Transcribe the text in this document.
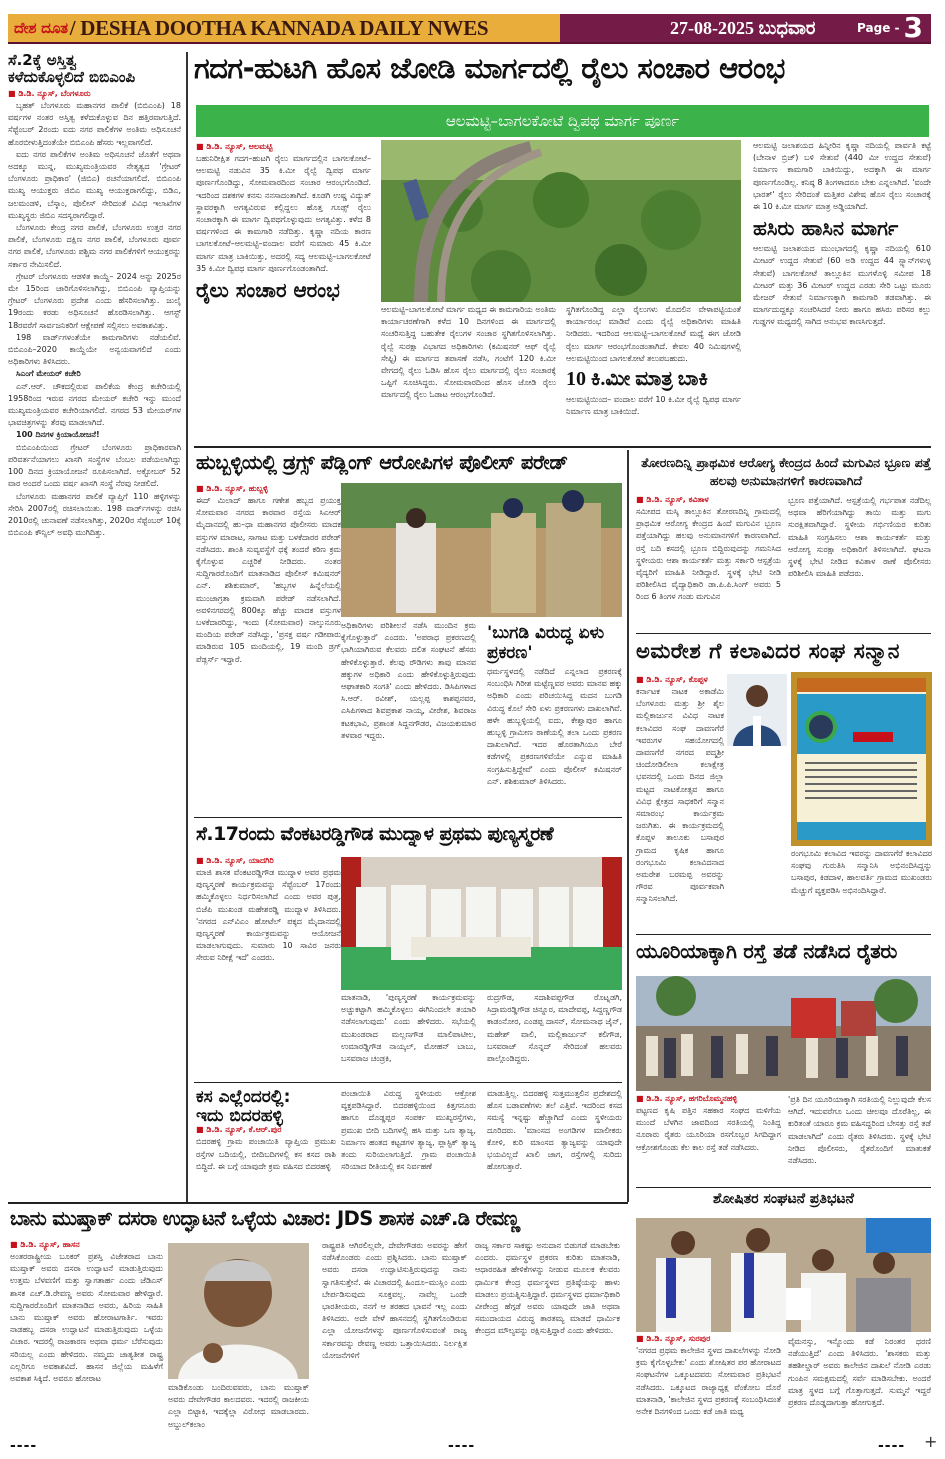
ದೇಶ ದೂತ / DESHA DOOTHA KANNADA DAILY NWES	27-08-2025 ಬುಧವಾರ	Page - 3
ಸೆ.2ಕ್ಕೆ ಅಸ್ತಿತ್ವ
ಕಳೆದುಕೊಳ್ಳಲಿದೆ ಬಿಬಿಎಂಪಿ
■ ಡಿ.ಡಿ. ನ್ಯೂಸ್, ಬೆಂಗಳೂರು

ಬೃಹತ್ ಬೆಂಗಳೂರು ಮಹಾನಗರ ಪಾಲಿಕೆ (ಬಿಬಿಎಂಪಿ) 18 ವರ್ಷಗಳ ನಂತರ ಅಸ್ತಿತ್ವ ಕಳೆದುಕೊಳ್ಳುವ ದಿನ ಹತ್ತಿರವಾಗುತ್ತಿದೆ. ಸೆಪ್ಟೆಂಬರ್ 2ರಂದು ಐದು ನಗರ ಪಾಲಿಕೆಗಳ ಅಂತಿಮ ಅಧಿಸೂಚನೆ ಹೊರಬೀಳುತ್ತಿದಂತೆಯೇ ಬಿಬಿಎಂಪಿ ಹೆಸರು ಇಲ್ಲವಾಗಲಿದೆ.

ಐದು ನಗರ ಪಾಲಿಕೆಗಳ ಅಂತಿಮ ಅಧಿಸೂಚನೆ ಜೊತೆಗೆ ಅಥವಾ ಅದಕ್ಕೂ ಮುನ್ನ, ಮುಖ್ಯಮಂತ್ರಿಯವರ ನೇತೃತ್ವದ 'ಗ್ರೇಟರ್ ಬೆಂಗಳೂರು ಪ್ರಾಧಿಕಾರ' (ಜಿಬಿಎ) ರಚನೆಯಾಗಲಿದೆ. ಬಿಬಿಎಂಪಿ ಮುಖ್ಯ ಆಯುಕ್ತರು ಜಿಬಿಎ ಮುಖ್ಯ ಆಯುಕ್ತರಾಗಲಿದ್ದು, ಬಿಡಿಎ, ಜಲಮಂಡಳಿ, ಬೆಸ್ಕಾಂ, ಪೊಲೀಸ್ ಸೇರಿದಂತೆ ವಿವಿಧ ಇಲಾಖೆಗಳ ಮುಖ್ಯಸ್ಥರು ಜಿಬಿಎ ಸದಸ್ಯರಾಗಲಿದ್ದಾರೆ.

ಬೆಂಗಳೂರು ಕೇಂದ್ರ ನಗರ ಪಾಲಿಕೆ, ಬೆಂಗಳೂರು ಉತ್ತರ ನಗರ ಪಾಲಿಕೆ, ಬೆಂಗಳೂರು ದಕ್ಷಿಣ ನಗರ ಪಾಲಿಕೆ, ಬೆಂಗಳೂರು ಪೂರ್ವ ನಗರ ಪಾಲಿಕೆ, ಬೆಂಗಳೂರು ಪಶ್ಚಿಮ ನಗರ ಪಾಲಿಕೆಗಳಿಗೆ ಆಯುಕ್ತರನ್ನು ಸರ್ಕಾರ ನೇಮಿಸಲಿದೆ.

ಗ್ರೇಟರ್ ಬೆಂಗಳೂರು ಆಡಳಿತ ಕಾಯ್ದೆ– 2024 ಅನ್ನು 2025ರ ಮೇ 15ರಿಂದ ಜಾರಿಗೊಳಿಸಲಾಗಿದ್ದು, ಬಿಬಿಎಂಪಿ ವ್ಯಾಪ್ತಿಯನ್ನು ಗ್ರೇಟರ್ ಬೆಂಗಳೂರು ಪ್ರದೇಶ ಎಂದು ಹೆಸರಿಸಲಾಗಿತ್ತು. ಜುಲೈ 19ರಂದು ಕರಡು ಅಧಿಸೂಚನೆ ಹೊರಡಿಸಲಾಗಿತ್ತು. ಆಗಸ್ಟ್ 18ರವರೆಗೆ ಸಾರ್ವಜನಿಕರಿಗೆ ಆಕ್ಷೇಪಣೆ ಸಲ್ಲಿಸಲು ಅವಕಾಶವಿತ್ತು.

198 ವಾರ್ಡ್‌ಗಳಂತೆಯೇ ಕಾಮಗಾರಿಗಳು ನಡೆಯಲಿವೆ. ಬಿಬಿಎಂಪಿ–2020 ಕಾಯ್ದೆಯೇ ಅನ್ವಯವಾಗಲಿದೆ ಎಂದು ಅಧಿಕಾರಿಗಳು ತಿಳಿಸಿದರು.

ಸಿಎಂಗೆ ಮೇಯರ್ ಕಚೇರಿ

ಎನ್.ಆರ್. ಚೌಕದಲ್ಲಿರುವ ಪಾಲಿಕೆಯ ಕೇಂದ್ರ ಕಚೇರಿಯಲ್ಲಿ 1958ರಿಂದ ಇರುವ ನಗರದ ಮೇಯರ್ ಕಚೇರಿ ಇನ್ನು ಮುಂದೆ ಮುಖ್ಯಮಂತ್ರಿಯವರ ಕಚೇರಿಯಾಗಲಿದೆ. ನಗರದ 53 ಮೇಯರ್‌ಗಳ ಭಾವಚಿತ್ರಗಳನ್ನು ತೆರವು ಮಾಡಲಾಗಿದೆ.

100 ದಿನಗಳ ಕ್ರಿಯಾಯೋಜನೆ!

ಬಿಬಿಎಂಪಿಯಿಂದ ಗ್ರೇಟರ್ ಬೆಂಗಳೂರು ಪ್ರಾಧಿಕಾರವಾಗಿ ಪರಿವರ್ತನೆಯಾಗಲು ಖಾಸಗಿ ಸಂಸ್ಥೆಗಳ ಬೆಂಬಲ ಪಡೆಯಲಾಗಿದ್ದು 100 ದಿನದ ಕ್ರಿಯಾಯೋಜನೆ ರೂಪಿಸಲಾಗಿದೆ. ಅಕ್ಟೋಬರ್ 52 ವಾರ ಅಂದರೆ ಒಂದು ವರ್ಷ ಖಾಸಗಿ ಸಂಸ್ಥೆ ನೆರವು ನೀಡಲಿದೆ.

ಬೆಂಗಳೂರು ಮಹಾನಗರ ಪಾಲಿಕೆ ವ್ಯಾಪ್ತಿಗೆ 110 ಹಳ್ಳಿಗಳನ್ನು ಸೇರಿಸಿ 2007ರಲ್ಲಿ ರಚಿಸಲಾಯಿತು. 198 ವಾರ್ಡ್‌ಗಳನ್ನು ರಚಿಸಿ 2010ರಲ್ಲಿ ಚುನಾವಣೆ ನಡೆಸಲಾಗಿತ್ತು, 2020ರ ಸೆಪ್ಟೆಂಬರ್ 10ಕ್ಕೆ ಬಿಬಿಎಂಪಿ ಕೌನ್ಸಿಲ್ ಅವಧಿ ಮುಗಿದಿತ್ತು.

ಗದಗ-ಹುಟಗಿ ಹೊಸ ಜೋಡಿ ಮಾರ್ಗದಲ್ಲಿ ರೈಲು ಸಂಚಾರ ಆರಂಭ
ಆಲಮಟ್ಟಿ–ಬಾಗಲಕೋಟೆ ದ್ವಿಪಥ ಮಾರ್ಗ ಪೂರ್ಣ
■ ಡಿ.ಡಿ. ನ್ಯೂಸ್, ಆಲಮಟ್ಟಿ
ಬಹುನಿರೀಕ್ಷಿತ ಗದಗ–ಹುಟಗಿ ರೈಲು ಮಾರ್ಗದಲ್ಲಿನ ಬಾಗಲಕೋಟೆ– ಆಲಮಟ್ಟಿ ನಡುವಿನ 35 ಕಿ.ಮೀ ರೈಲ್ವೆ ದ್ವಿಪಥ ಮಾರ್ಗ ಪೂರ್ಣಗೊಂಡಿದ್ದು, ಸೋಮವಾರದಿಂದ ಸಂಚಾರ ಆರಂಭಗೊಂಡಿದೆ. ಇದರಿಂದ ದಶಕಗಳ ಕನಸು ನನಸಾದಂತಾಗಿದೆ. ಕೂಡಗಿ ಉಷ್ಣ ವಿದ್ಯುತ್ ಸ್ಥಾವರಕ್ಕಾಗಿ ಅಗತ್ಯವಿರುವ ಕಲ್ಲಿದ್ದಲು ಹೊತ್ತ ಗೂಡ್ಸ್ ರೈಲು ಸಂಚಾರಕ್ಕಾಗಿ ಈ ಮಾರ್ಗ ದ್ವಿಪಥಗೊಳ್ಳುವುದು ಅಗತ್ಯವಿತ್ತು. ಕಳೆದ 8 ವರ್ಷಗಳಿಂದ ಈ ಕಾಮಗಾರಿ ನಡೆದಿತ್ತು. ಕೃಷ್ಣಾ ನದಿಯ ಕಾರಣ ಬಾಗಲಕೋಟೆ–ಆಲಮಟ್ಟಿ–ವಂದಾಲ ವರೆಗೆ ಸುಮಾರು 45 ಕಿ.ಮೀ ಮಾರ್ಗ ಮಾತ್ರ ಬಾಕಿಯಿತ್ತು, ಅದರಲ್ಲಿ ಸದ್ಯ ಆಲಮಟ್ಟಿ–ಬಾಗಲಕೋಟೆ 35 ಕಿ.ಮೀ ದ್ವಿಪಥ ಮಾರ್ಗ ಪೂರ್ಣಗೊಂಡಂತಾಗಿದೆ.
ರೈಲು ಸಂಚಾರ ಆರಂಭ
ಆಲಮಟ್ಟಿ–ಬಾಗಲಕೋಟೆ ಮಾರ್ಗ ಮಧ್ಯದ ಈ ಕಾಮಗಾರಿಯ ಅಂತಿಮ ಕಾರ್ಯಾಚರಣೆಗಾಗಿ ಕಳೆದ 10 ದಿನಗಳಿಂದ ಈ ಮಾರ್ಗದಲ್ಲಿ ಸಂಚರಿಸುತ್ತಿದ್ದ ಬಹುತೇಕ ರೈಲುಗಳ ಸಂಚಾರ ಸ್ಥಗಿತಗೊಳಿಸಲಾಗಿತ್ತು. ರೈಲ್ವೆ ಸುರಕ್ಷಾ ವಿಭಾಗದ ಅಧಿಕಾರಿಗಳು (ಕಮಿಷನರ್ ಆಫ್ ರೈಲ್ವೆ ಸೇಫ್ಟಿ) ಈ ಮಾರ್ಗದ ತಪಾಸಣೆ ನಡೆಸಿ, ಗಂಟೆಗೆ 120 ಕಿ.ಮೀ ವೇಗದಲ್ಲಿ ರೈಲು ಓಡಿಸಿ ಹೊಸ ರೈಲು ಮಾರ್ಗದಲ್ಲಿ ರೈಲು ಸಂಚಾರಕ್ಕೆ ಒಪ್ಪಿಗೆ ಸೂಚಿಸಿದ್ದರು. ಸೋಮವಾರದಿಂದ ಹೊಸ ಜೋಡಿ ರೈಲು ಮಾರ್ಗದಲ್ಲಿ ರೈಲು ಓಡಾಟ ಆರಂಭಗೊಂಡಿದೆ.
ಸ್ಥಗಿತಗೊಂಡಿದ್ದ ಎಲ್ಲಾ ರೈಲುಗಳು ಮೊದಲಿನ ವೇಳಾಪಟ್ಟಿಯಂತೆ ಕಾರ್ಯಾರಂಭ ಮಾಡಿವೆ ಎಂದು ರೈಲ್ವೆ ಅಧಿಕಾರಿಗಳು ಮಾಹಿತಿ ನೀಡಿದರು. ಇದರಿಂದ ಆಲಮಟ್ಟಿ–ಬಾಗಲಕೋಟೆ ಮಧ್ಯೆ ಈಗ ಜೋಡಿ ರೈಲು ಮಾರ್ಗ ಆರಂಭಗೊಂಡಂತಾಗಿದೆ. ಕೇವಲ 40 ನಿಮಿಷಗಳಲ್ಲಿ ಆಲಮಟ್ಟಿಯಿಂದ ಬಾಗಲಕೋಟೆ ತಲುಪಬಹುದು.
10 ಕಿ.ಮೀ ಮಾತ್ರ ಬಾಕಿ
ಆಲಮಟ್ಟಿಯಿಂದ– ವಂದಾಲ ವರೆಗೆ 10 ಕಿ.ಮೀ ರೈಲ್ವೆ ದ್ವಿಪಥ ಮಾರ್ಗ ನಿರ್ಮಾಣ ಮಾತ್ರ ಬಾಕಿಯಿದೆ.
ಆಲಮಟ್ಟಿ ಜಲಾಶಯದ ಹಿನ್ನೀರಿನ ಕೃಷ್ಣಾ ನದಿಯಲ್ಲಿ ಪಾರ್ವತಿ ಕಟ್ಟೆ (ಬೇನಾಳ ಬ್ರಿಜ್) ಬಳಿ ಸೇತುವೆ (440 ಮೀ ಉದ್ದದ ಸೇತುವೆ) ನಿರ್ಮಾಣ ಕಾಮಗಾರಿ ಬಾಕಿಯಿದ್ದು, ಅದಕ್ಕಾಗಿ ಈ ಮಾರ್ಗ ಪೂರ್ಣಗೊಂಡಿಲ್ಲ. ಕನಿಷ್ಠ 8 ತಿಂಗಳಾದರೂ ಬೇಕು ಎನ್ನಲಾಗಿದೆ. 'ವಂದೇ ಭಾರತ್' ರೈಲು ಸೇರಿದಂತೆ ಮತ್ತಿತರ ವಿಶೇಷ ಹೊಸ ರೈಲು ಸಂಚಾರಕ್ಕೆ ಈ 10 ಕಿ.ಮೀ ಮಾರ್ಗ ಮಾತ್ರ ಅಡ್ಡಿಯಾಗಿದೆ.
ಹಸಿರು ಹಾಸಿನ ಮಾರ್ಗ
ಆಲಮಟ್ಟಿ ಜಲಾಶಯದ ಮುಂಭಾಗದಲ್ಲಿ ಕೃಷ್ಣಾ ನದಿಯಲ್ಲಿ 610 ಮೀಟರ್ ಉದ್ದದ ಸೇತುವೆ (60 ಅಡಿ ಉದ್ದದ 44 ಸ್ಪ್ಯಾನ್‌ಗಳುಳ್ಳ ಸೇತುವೆ) ಬಾಗಲಕೋಟೆ ತಾಲ್ಲೂಕಿನ ಮುಗಳೊಳ್ಳಿ ಸಮೀಪ 18 ಮೀಟರ್ ಮತ್ತು 36 ಮೀಟರ್ ಉದ್ದದ ಎರಡು ಸೇರಿ ಒಟ್ಟು ಮೂರು ಮೇಜರ್ ಸೇತುವೆ ನಿರ್ಮಾಣಕ್ಕಾಗಿ ಕಾಮಗಾರಿ ತಡವಾಗಿತ್ತು. ಈ ಮಾರ್ಗದುದ್ದಕ್ಕೂ ಸಂಚರಿಸಿದರೆ ನೀರು ಹಾಗೂ ಹಸಿರು ಪರಿಸರ ಕಲ್ಲು ಗುಡ್ಡಗಳ ಮಧ್ಯದಲ್ಲಿ ಸಾಗಿದ ಅನುಭವ ಕಾಣಸಿಗುತ್ತದೆ.
ಹುಬ್ಬಳ್ಳಿಯಲ್ಲಿ ಡ್ರಗ್ಸ್ ಪೆಡ್ಲಿಂಗ್ ಆರೋಪಿಗಳ ಪೊಲೀಸ್ ಪರೇಡ್
■ ಡಿ.ಡಿ. ನ್ಯೂಸ್, ಹುಬ್ಬಳ್ಳಿ
ಈದ್ ಮಿಲಾದ್ ಹಾಗೂ ಗಣೇಶ ಹಬ್ಬದ ಪ್ರಯುಕ್ತ ಸೋಮವಾರ ನಗರದ ಕಾರವಾರ ರಸ್ತೆಯ ಸಿಎಆರ್ ಮೈದಾನದಲ್ಲಿ ಹು–ಧಾ ಮಹಾನಗರ ಪೊಲೀಸರು ಮಾದಕ ವಸ್ತುಗಳ ಮಾರಾಟ, ಸಾಗಾಟ ಮತ್ತು ಬಳಕೆದಾರರ ಪರೇಡ್ ನಡೆಸಿದರು. ಶಾಂತಿ ಸುವ್ಯವಸ್ಥೆಗೆ ಧಕ್ಕೆ ತಂದರೆ ಕಠಿಣ ಕ್ರಮ ಕೈಗೊಳ್ಳುವ ಎಚ್ಚರಿಕೆ ನೀಡಿದರು. ನಂತರ ಸುದ್ದಿಗಾರರೊಂದಿಗೆ ಮಾತನಾಡಿದ ಪೊಲೀಸ್ ಕಮಿಷನರ್ ಎನ್. ಶಶಿಕುಮಾರ್, 'ಹಬ್ಬಗಳ ಹಿನ್ನೆಲೆಯಲ್ಲಿ ಮುಂಜಾಗ್ರತಾ ಕ್ರಮವಾಗಿ ಪರೇಡ್ ನಡೆಸಲಾಗಿದೆ. ಅವಳಿನಗರದಲ್ಲಿ 800ಕ್ಕೂ ಹೆಚ್ಚು ಮಾದಕ ವಸ್ತುಗಳ ಬಳಕೆದಾರರಿದ್ದು, ಇಂದು (ಸೋಮವಾರ) ನಾಲ್ಕುನೂರು ಮಂದಿಯ ಪರೇಡ್ ನಡೆಸಿದ್ದು, 'ಪ್ರಸಕ್ತ ವರ್ಷ ಗಡೀಪಾರು ಮಾಡಿರುವ 105 ಮಂದಿಯಲ್ಲಿ, 19 ಮಂದಿ ಡ್ರಗ್ ಪೆಡ್ಲರ್ಸ್ ಇದ್ದಾರೆ.
ಅಧಿಕಾರಿಗಳು ಪರಿಶೀಲನೆ ನಡೆಸಿ ಮುಂದಿನ ಕ್ರಮ ಕೈಗೊಳ್ಳುತ್ತಾರೆ' ಎಂದರು. 'ಅಪರಾಧ ಪ್ರಕರಣದಲ್ಲಿ ಭಾಗಿಯಾಗಿರುವ ಕೆಲವರು ದಲಿತ ಸಂಘಟನೆ ಹೆಸರು ಹೇಳಿಕೊಳ್ಳುತ್ತಾರೆ. ಕೆಲವು ರೌಡಿಗಳು ತಾವು ಮಾನವ ಹಕ್ಕುಗಳ ಅಧಿಕಾರಿ ಎಂದು ಹೇಳಿಕೊಳ್ಳುತ್ತಿರುವುದು ಆಘಾತಕಾರಿ ಸಂಗತಿ' ಎಂದು ಹೇಳಿದರು. ಡಿಸಿಪಿಗಳಾದ ಸಿ.ಆರ್. ರವೀಶ್, ಯಲ್ಲಪ್ಪ ಕಾಶಪ್ಪನವರ, ಎಸಿಪಿಗಳಾದ ಶಿವಪ್ರಕಾಶ ನಾಯ್ಕ, ವೀರೇಶ, ಶಿವರಾಜ ಕಟಕಭಾವಿ, ಪ್ರಶಾಂತ ಸಿದ್ದನಗೌಡರ, ವಿಜಯಕುಮಾರ ತಳವಾರ ಇದ್ದರು.
'ಬುಗಡಿ ವಿರುದ್ಧ ಏಳು ಪ್ರಕರಣ'
ಧರ್ಮಸ್ಥಳದಲ್ಲಿ ನಡೆದಿದೆ ಎನ್ನಲಾದ ಪ್ರಕರಣಕ್ಕೆ ಸಂಬಂಧಿಸಿ ಗಿರೀಶ ಮಟ್ಟೆಣ್ಣವರ ಅವರು ಮಾನವ ಹಕ್ಕು ಅಧಿಕಾರಿ ಎಂದು ಪರಿಚಯಿಸಿದ್ದ ಮದನ ಬುಗಡಿ ವಿರುದ್ಧ ಕೊಲೆ ಸೇರಿ ಏಳು ಪ್ರಕರಣಗಳು ದಾಖಲಾಗಿವೆ. ಹಳೇ ಹುಬ್ಬಳ್ಳಿಯಲ್ಲಿ ಐದು, ಕೇಶ್ವಾಪುರ ಹಾಗೂ ಹುಬ್ಬಳ್ಳಿ ಗ್ರಾಮೀಣ ಠಾಣೆಯಲ್ಲಿ ತಲಾ ಒಂದು ಪ್ರಕರಣ ದಾಖಲಾಗಿದೆ. ಇದರ ಹೊರತಾಗಿಯೂ ಬೇರೆ ಕಡೆಗಳಲ್ಲಿ ಪ್ರಕರಣಗಳಿವೆಯೇ ಎನ್ನುವ ಮಾಹಿತಿ ಸಂಗ್ರಹಿಸುತ್ತಿದ್ದೇವೆ' ಎಂದು ಪೊಲೀಸ್ ಕಮಿಷನರ್ ಎನ್. ಶಶಿಕುಮಾರ್ ತಿಳಿಸಿದರು.
ತೋರಣದಿನ್ನಿ ಪ್ರಾಥಮಿಕ ಆರೋಗ್ಯ ಕೇಂದ್ರದ ಹಿಂದೆ ಮಗುವಿನ ಭ್ರೂಣ ಪತ್ತೆ ಹಲವು ಅನುಮಾನಗಳಿಗೆ ಕಾರಣವಾಗಿದೆ
■ ಡಿ.ಡಿ. ನ್ಯೂಸ್, ಕವಿತಾಳ
ಸಮೀಪದ ಮಸ್ಕಿ ತಾಲ್ಲೂಕಿನ ತೋರಣದಿನ್ನಿ ಗ್ರಾಮದಲ್ಲಿ ಪ್ರಾಥಮಿಕ ಆರೋಗ್ಯ ಕೇಂದ್ರದ ಹಿಂದೆ ಮಗುವಿನ ಭ್ರೂಣ ಪತ್ತೆಯಾಗಿದ್ದು ಹಲವು ಅನುಮಾನಗಳಿಗೆ ಕಾರಣವಾಗಿದೆ. ರಸ್ತೆ ಬದಿ ಕಸದಲ್ಲಿ ಭ್ರೂಣ ಬಿದ್ದಿರುವುದನ್ನು ಗಮನಿಸಿದ ಸ್ಥಳೀಯರು ಆಶಾ ಕಾರ್ಯಕರ್ತೆ ಮತ್ತು ಸರ್ಕಾರಿ ಆಸ್ಪತ್ರೆಯ ವೈದ್ಯರಿಗೆ ಮಾಹಿತಿ ನೀಡಿದ್ದಾರೆ. ಸ್ಥಳಕ್ಕೆ ಭೇಟಿ ನೀಡಿ ಪರಿಶೀಲಿಸಿದ ವೈದ್ಯಾಧಿಕಾರಿ ಡಾ.ಪಿ.ಪಿ.ಸಿಂಗ್ ಅವರು 5 ರಿಂದ 6 ತಿಂಗಳ ಗಂಡು ಮಗುವಿನ
ಭ್ರೂಣ ಪತ್ತೆಯಾಗಿದೆ. ಆಸ್ಪತ್ರೆಯಲ್ಲಿ ಗರ್ಭಪಾತ ನಡೆದಿಲ್ಲ ಅಥವಾ ಹೆರಿಗೆಯಾಗಿದ್ದು ತಾಯಿ ಮತ್ತು ಮಗು ಸುರಕ್ಷಿತವಾಗಿದ್ದಾರೆ. ಸ್ಥಳೀಯ ಗರ್ಭಿಣಿಯರ ಕುರಿತು ಮಾಹಿತಿ ಸಂಗ್ರಹಿಸಲು ಆಶಾ ಕಾರ್ಯಕರ್ತೆ ಮತ್ತು ಆರೋಗ್ಯ ಸುರಕ್ಷಾ ಅಧಿಕಾರಿಗೆ ತಿಳಿಸಲಾಗಿದೆ. ಘಟನಾ ಸ್ಥಳಕ್ಕೆ ಭೇಟಿ ನೀಡಿದ ಕವಿತಾಳ ಠಾಣೆ ಪೊಲೀಸರು ಪರಿಶೀಲಿಸಿ ಮಾಹಿತಿ ಪಡೆದರು.
ಅಮರೇಶ ಗೆ ಕಲಾವಿದರ ಸಂಘ ಸನ್ಮಾನ
■ ಡಿ.ಡಿ. ನ್ಯೂಸ್, ಕೊಪ್ಪಳ
ಕರ್ನಾಟಕ ನಾಟಕ ಅಕಾಡೆಮಿ ಬೆಂಗಳೂರು ಮತ್ತು ಶ್ರೀ ಶೈಲ ಮಲ್ಲಿಕಾರ್ಜುನ ವಿವಿಧ ನಾಟಕ ಕಲಾವಿದರ ಸಂಘ ದಾವಣಗೆರೆ ಇವರುಗಳ ಸಹಯೋಗದಲ್ಲಿ ದಾವಣಗೆರೆ ನಗರದ ಪದ್ಮಶ್ರೀ ಚಿಂದೋಡಿಲೀಲಾ ಕಲಾಕ್ಷೇತ್ರ ಭವನದಲ್ಲಿ ಒಂದು ದಿನದ ಜಿಲ್ಲಾ ಮಟ್ಟದ ನಾಟಕೋತ್ಸವ ಹಾಗೂ ವಿವಿಧ ಕ್ಷೇತ್ರದ ಸಾಧಕರಿಗೆ ಸನ್ಮಾನ ಸಮಾರಂಭ ಕಾರ್ಯಕ್ರಮ ಜರುಗಿತು. ಈ ಕಾರ್ಯಕ್ರಮದಲ್ಲಿ ಕೊಪ್ಪಳ ತಾಲೂಕು ಬಸಾಪುರ ಗ್ರಾಮದ ಕೃಷಿಕ ಹಾಗೂ ರಂಗಭೂಮಿ ಕಲಾವಿದನಾದ ಅಮರೇಶ ಬರಮಪ್ಪ ಅವರನ್ನು ಗೌರವ ಪೂರ್ವಕವಾಗಿ ಸನ್ಮಾನಿಸಲಾಗಿದೆ.
ರಂಗಭೂಮಿ ಕಲಾವಿದ ಇವರನ್ನು ದಾವಣಗೆರೆ ಕಲಾವಿದರ ಸಂಘವು ಗುರುತಿಸಿ ಸನ್ಮಾನಿಸಿ ಅಭಿನಂದಿಸಿದ್ದನ್ನು ಬಸಾಪುರ, ಕಿಡದಾಳ, ಹಾಲವರ್ತಿ ಗ್ರಾಮದ ಮುಖಂಡರು ಮೆಚ್ಚುಗೆ ವ್ಯಕ್ತಪಡಿಸಿ ಅಭಿನಂದಿಸಿದ್ದಾರೆ.
ಸೆ.17ರಂದು ವೆಂಕಟರಡ್ಡಿಗೌಡ ಮುದ್ನಾಳ ಪ್ರಥಮ ಪುಣ್ಯಸ್ಮರಣೆ
■ ಡಿ.ಡಿ. ನ್ಯೂಸ್, ಯಾದಗಿರಿ
ಮಾಜಿ ಶಾಸಕ ವೆಂಕಟರಡ್ಡಿಗೌಡ ಮುದ್ನಾಳ ಅವರ ಪ್ರಥಮ ಪುಣ್ಯಸ್ಮರಣೆ ಕಾರ್ಯಕ್ರಮವನ್ನು ಸೆಪ್ಟೆಂಬರ್ 17ರಂದು ಹಮ್ಮಿಕೊಳ್ಳಲು ನಿರ್ಧರಿಸಲಾಗಿದೆ ಎಂದು ಅವರ ಪುತ್ರ, ಬಿಜೆಪಿ ಮುಖಂಡ ಮಹೇಶರಡ್ಡಿ ಮುದ್ನಾಳ ತಿಳಿಸಿದರು. 'ನಗರದ ಎನ್‌ವಿಎಂ ಹೋಟೆಲ್ ಪಕ್ಕದ ಮೈದಾನದಲ್ಲಿ ಪುಣ್ಯಸ್ಮರಣೆ ಕಾರ್ಯಕ್ರಮವನ್ನು ಆಯೋಜನೆ ಮಾಡಲಾಗುವುದು. ಸುಮಾರು 10 ಸಾವಿರ ಜನರು ಸೇರುವ ನಿರೀಕ್ಷೆ ಇದೆ' ಎಂದರು.
ಮಾತನಾಡಿ, 'ಪುಣ್ಯಸ್ಮರಣೆ ಕಾರ್ಯಕ್ರಮವನ್ನು ಅಚ್ಚುಕಟ್ಟಾಗಿ ಹಮ್ಮಿಕೊಳ್ಳಲು ಈಗಿನಿಂದಲೇ ತಯಾರಿ ನಡೆಸಲಾಗುವುದು' ಎಂದು ಹೇಳಿದರು. ಸಭೆಯಲ್ಲಿ ಮುಖಂಡರಾದ ಮಲ್ಲಣಗೌಡ ಮಾಲಿಪಾಟೀಲ, ಉಮಾರಡ್ಡಿಗೌಡ ನಾಯ್ಕಲ್, ಮೋಹನ್ ಬಾಬು, ಬಸವರಾಜ ಚಂಡ್ರಕಿ,
ರುದ್ರಗೌಡ, ಸದಾಶಿವಪ್ಪಗೌಡ ರೊಟ್ನಡಗಿ, ಸಿದ್ರಾಮರಡ್ಡಿಗೌಡ ಚಿನ್ನೂರ, ಮಾದೇವಪ್ಪ, ಸಿದ್ದಣ್ಣಗೌಡ ಕಾಡಂನೋರ, ಎಂಡಪ್ಪ ದಾಸನ್, ಸೋಮನಾಥ ಜೈನ್, ಮಹೇಶ್ ವಾಲಿ, ಮಲ್ಲಿಕಾರ್ಜುನ್ ಕಲಿಗೌಡ, ಬಸವರಾಜ್ ಸೊನ್ನದ್ ಸೇರಿದಂತೆ ಹಲವರು ಪಾಲ್ಗೊಂಡಿದ್ದರು.
ಯೂರಿಯಾಕ್ಕಾಗಿ ರಸ್ತೆ ತಡೆ ನಡೆಸಿದ ರೈತರು
■ ಡಿ.ಡಿ. ನ್ಯೂಸ್, ಹಗರಿಬೊಮ್ಮನಹಳ್ಳಿ
ಪಟ್ಟಣದ ಕೃಷಿ ಪತ್ತಿನ ಸಹಕಾರ ಸಂಘದ ಮಳಿಗೆಯ ಮುಂದೆ ಬೆಳಗಿನ ಜಾವದಿಂದ ಸರತಿಯಲ್ಲಿ ನಿಂತಿದ್ದ ನೂರಾರು ರೈತರು ಯೂರಿಯಾ ರಸಗೊಬ್ಬರ ಸಿಗದಿದ್ದಾಗ ಆಕ್ರೋಶಗೊಂಡು ಕೆಲ ಕಾಲ ರಸ್ತೆ ತಡೆ ನಡೆಸಿದರು.
'ಪ್ರತಿ ದಿನ ಯೂರಿಯಾಕ್ಕಾಗಿ ಸರತಿಯಲ್ಲಿ ನಿಲ್ಲುವುದೇ ಕೆಲಸ ಆಗಿದೆ. ಇದುವರೆಗೂ ಒಂದು ಚೀಲವೂ ದೊರೆತಿಲ್ಲ, ಈ ಕುರಿತಂತೆ ಯಾರೂ ಕ್ರಮ ವಹಿಸದ್ದರಿಂದ ಬೇಸತ್ತು ರಸ್ತೆ ತಡೆ ಮಾಡಲಾಗಿದೆ' ಎಂದು ರೈತರು ತಿಳಿಸಿದರು. ಸ್ಥಳಕ್ಕೆ ಭೇಟಿ ನೀಡಿದ ಪೊಲೀಸರು, ರೈತರೊಂದಿಗೆ ಮಾತುಕತೆ ನಡೆಸಿದರು.
ಕಸ ಎಲ್ಲೆಂದರಲ್ಲಿ:
ಇದು ಬಿದರಹಳ್ಳಿ
■ ಡಿ.ಡಿ. ನ್ಯೂಸ್, ಕೆ.ಆರ್.ಪುರ
ಬಿದರಹಳ್ಳಿ ಗ್ರಾಮ ಪಂಚಾಯಿತಿ ವ್ಯಾಪ್ತಿಯ ಪ್ರಮುಖ ರಸ್ತೆಗಳ ಬದಿಯಲ್ಲಿ, ಬೀದಿಬದಿಗಳಲ್ಲಿ ಕಸ ಕಸದ ರಾಶಿ ಬಿದ್ದಿದೆ. ಈ ಬಗ್ಗೆ ಯಾವುದೇ ಕ್ರಮ ವಹಿಸದ ಬಿದರಹಳ್ಳಿ
ಪಂಚಾಯಿತಿ ವಿರುದ್ಧ ಸ್ಥಳೀಯರು ಆಕ್ರೋಶ ವ್ಯಕ್ತಪಡಿಸಿದ್ದಾರೆ. ಬಿದರಹಳ್ಳಿಯಿಂದ ಕಿತ್ತಗನೂರು ಹಾಗೂ ದೊಡ್ಡಪ್ಪರ ಸಂಪರ್ಕ ಮುಖ್ಯರಸ್ತೆಗಳು, ಪ್ರಮುಖ ಬೀದಿ ಬದಿಗಳಲ್ಲಿ ಹಸಿ ಮತ್ತು ಒಣ ತ್ಯಾಜ್ಯ, ನಿರ್ಮಾಣ ಹಂತದ ಕಟ್ಟಡಗಳ ತ್ಯಾಜ್ಯ, ಪ್ಲಾಸ್ಟಿಕ್ ತ್ಯಾಜ್ಯ ತಂದು ಸುರಿಯಲಾಗುತ್ತಿದೆ. ಗ್ರಾಮ ಪಂಚಾಯಿತಿ ಸರಿಯಾದ ರೀತಿಯಲ್ಲಿ ಕಸ ನಿರ್ವಹಣೆ
ಮಾಡುತ್ತಿಲ್ಲ. ಬಿದರಹಳ್ಳಿ ಸುತ್ತಮುತ್ತಲಿನ ಪ್ರದೇಶದಲ್ಲಿ ಹೊಸ ಬಡಾವಣೆಗಳು ತಲೆ ಎತ್ತಿವೆ. ಇದರಿಂದ ಕಸದ ಸಮಸ್ಯೆ ಇನ್ನಷ್ಟು ಹೆಚ್ಚಾಗಿದೆ ಎಂದು ಸ್ಥಳೀಯರು ದೂರಿದರು. 'ಮಾಂಸದ ಅಂಗಡಿಗಳ ಮಾಲೀಕರು ಕೋಳಿ, ಕುರಿ ಮಾಂಸದ ತ್ಯಾಜ್ಯವನ್ನು ಯಾವುದೇ ಭಯವಿಲ್ಲದೆ ಖಾಲಿ ಜಾಗ, ರಸ್ತೆಗಳಲ್ಲಿ ಸುರಿದು ಹೋಗುತ್ತಾರೆ.
ಬಾನು ಮುಷ್ತಾಕ್ ದಸರಾ ಉದ್ಘಾಟನೆ ಒಳ್ಳೆಯ ವಿಚಾರ: JDS ಶಾಸಕ ಎಚ್.ಡಿ ರೇವಣ್ಣ
■ ಡಿ.ಡಿ. ನ್ಯೂಸ್, ಹಾಸನ
ಅಂತರರಾಷ್ಟ್ರೀಯ ಬೂಕರ್ ಪ್ರಶಸ್ತಿ ವಿಜೇತರಾದ ಬಾನು ಮುಷ್ತಾಕ್ ಅವರು ದಸರಾ ಉದ್ಘಾಟನೆ ಮಾಡುತ್ತಿರುವುದು ಉತ್ತಮ ಬೆಳವಣಿಗೆ ಮತ್ತು ಸ್ವಾಗತಾರ್ಹ ಎಂದು ಜೆಡಿಎಸ್ ಶಾಸಕ ಎಚ್.ಡಿ.ರೇವಣ್ಣ ಅವರು ಸೋಮವಾರ ಹೇಳಿದ್ದಾರೆ. ಸುದ್ದಿಗಾರರೊಂದಿಗೆ ಮಾತನಾಡಿದ ಅವರು, ಹಿರಿಯ ಸಾಹಿತಿ ಬಾನು ಮುಷ್ತಾಕ್ ಅವರು ಹೋರಾಟಗಾರ್ತಿ. ಇವರು ನಾಡಹಬ್ಬ ದಸರಾ ಉದ್ಘಾಟನೆ ಮಾಡುತ್ತಿರುವುದು ಒಳ್ಳೆಯ ವಿಚಾರ. ಇದರಲ್ಲಿ ರಾಜಕಾರಣ ಅಥವಾ ಧರ್ಮ ಬೆರೆಸುವುದು ಸರಿಯಲ್ಲ ಎಂದು ಹೇಳಿದರು. ನಮ್ಮದು ಜಾತ್ಯತೀತ ರಾಷ್ಟ್ರ ಎಲ್ಲರಿಗೂ ಅವಕಾಶವಿದೆ. ಹಾಸನ ಜಿಲ್ಲೆಯ ಮಹಿಳೆಗೆ ಅವಕಾಶ ಸಿಕ್ಕಿದೆ. ಅವರೂ ಹೋರಾಟ
ಮಾಡಿಕೊಂಡು ಬಂದಿರುವವರು, ಬಾನು ಮುಷ್ತಾಕ್ ಅವರು ದೇವೇಗೌಡರ ಕಾಲದವರು. ಇದರಲ್ಲಿ ರಾಜಕೀಯ ಎಲ್ಲಾ ಬಿಟ್ಟಾಕಿ, ಇದಕ್ಕೆಲ್ಲಾ ವಿರೋಧ ಮಾಡಬಾರದು. ಅಬ್ದುಲ್‌ಕಲಾಂ
ರಾಷ್ಟ್ರಪತಿ ಆಗಿರಲಿಲ್ಲವೇ, ದೇವೇಗೌಡರು ಅವರನ್ನು ಹೇಗೆ ನಡೆಸಿಕೊಂಡರು ಎಂದು ಪ್ರಶ್ನಿಸಿದರು. ಬಾನು ಮುಷ್ತಾಕ್ ಅವರು ದಸರಾ ಉದ್ಘಾಟಿಸುತ್ತಿರುವುದನ್ನು ನಾನು ಸ್ವಾಗತಿಸುತ್ತೇನೆ. ಈ ವಿಚಾರದಲ್ಲಿ ಹಿಂದೂ–ಮುಸ್ಲಿಂ ಎಂದು ಬೇರ್ಪಡಿಸುವುದು ಸೂಕ್ತವಲ್ಲ. ನಾವೆಲ್ಲ ಒಂದೇ ಭಾರತೀಯರು, ನನಗೆ ಆ ತರಹದ ಭಾವನೆ ಇಲ್ಲ ಎಂದು ತಿಳಿಸಿದರು. ಅದೇ ವೇಳೆ ಹಾಸನದಲ್ಲಿ ಸ್ಥಗಿತಗೊಂಡಿರುವ ಎಲ್ಲಾ ಯೋಜನೆಗಳನ್ನು ಪೂರ್ಣಗೊಳಿಸುವಂತೆ ರಾಜ್ಯ ಸರ್ಕಾರವನ್ನು ರೇವಣ್ಣ ಅವರು ಒತ್ತಾಯಿಸಿದರು. ನಿರ್ಲಕ್ಷಿತ ಯೋಜನೆಗಳಿಗೆ
ರಾಜ್ಯ ಸರ್ಕಾರ ಸಾಕಷ್ಟು ಅನುದಾನ ಬಿಡುಗಡೆ ಮಾಡಬೇಕು ಎಂದರು. ಧರ್ಮಸ್ಥಳ ಪ್ರಕರಣ ಕುರಿತು ಮಾತನಾಡಿ, ಆಧಾರರಹಿತ ಹೇಳಿಕೆಗಳನ್ನು ನೀಡುವ ಮೂಲಕ ಕೆಲವರು ಧಾರ್ಮಿಕ ಕೇಂದ್ರ ಧರ್ಮಸ್ಥಳದ ಪ್ರತಿಷ್ಠೆಯನ್ನು ಹಾಳು ಮಾಡಲು ಪ್ರಯತ್ನಿಸುತ್ತಿದ್ದಾರೆ. ಧರ್ಮಸ್ಥಳದ ಧರ್ಮಾಧಿಕಾರಿ ವೀರೇಂದ್ರ ಹೆಗ್ಗಡೆ ಅವರು ಯಾವುದೇ ಜಾತಿ ಅಥವಾ ಸಮುದಾಯದ ವಿರುದ್ಧ ತಾರತಮ್ಯ ಮಾಡದೆ ಧಾರ್ಮಿಕ ಕೇಂದ್ರದ ಮೌಲ್ಯವನ್ನು ರಕ್ಷಿಸುತ್ತಿದ್ದಾರೆ ಎಂದು ಹೇಳಿದರು.
ಶೋಷಿತರ ಸಂಘಟನೆ ಪ್ರತಿಭಟನೆ
■ ಡಿ.ಡಿ. ನ್ಯೂಸ್, ಸುರಪುರ
'ನಗರದ ಪ್ರಥಮ ಕಾಲೇಜಿನ ಸ್ಥಳದ ದಾಖಲೆಗಳನ್ನು ನೋಡಿ ಕ್ರಮ ಕೈಗೊಳ್ಳಬೇಕು' ಎಂದು ಶೋಷಿತರ ಪರ ಹೋರಾಟದ ಸಂಘಟನೆಗಳ ಒಕ್ಕೂಟದವರು ಸೋಮವಾರ ಪ್ರತಿಭಟನೆ ನಡೆಸಿದರು. ಒಕ್ಕೂಟದ ರಾಜ್ಯಾಧ್ಯಕ್ಷ ವೆಂಕೋಬ ದೊರೆ ಮಾತನಾಡಿ, 'ಕಾಲೇಜಿನ ಸ್ಥಳದ ಪ್ರಕರಣಕ್ಕೆ ಸಂಬಂಧಿಸಿದಂತೆ ಅನೇಕ ದಿನಗಳಿಂದ ಒಂದು ಕಡೆ ಜಾತಿ ಮಧ್ಯ
ವೈಮನಸ್ಸು, ಇನ್ನೊಂದು ಕಡೆ ನಿರಂತರ ಧರಣಿ ನಡೆಯುತ್ತಿದೆ' ಎಂದು ತಿಳಿಸಿದರು. 'ಶಾಸಕರು ಮತ್ತು ತಹಶೀಲ್ದಾರ್ ಅವರು ಕಾಲೇಜಿನ ದಾಖಲೆ ನೋಡಿ ಎರಡು ಗುಂಪಿನ ಸಮಕ್ಷಮದಲ್ಲಿ ಸರ್ವೆ ಮಾಡಿಸಬೇಕು. ಅಂದರೆ ಮಾತ್ರ ಸ್ಥಳದ ಬಗ್ಗೆ ಗೊತ್ತಾಗುತ್ತದೆ. ಸುಮ್ಮನೆ ಇದ್ದರೆ ಪ್ರಕರಣ ದೊಡ್ಡದಾಗುತ್ತಾ ಹೋಗುತ್ತದೆ.
----	----	---- +
